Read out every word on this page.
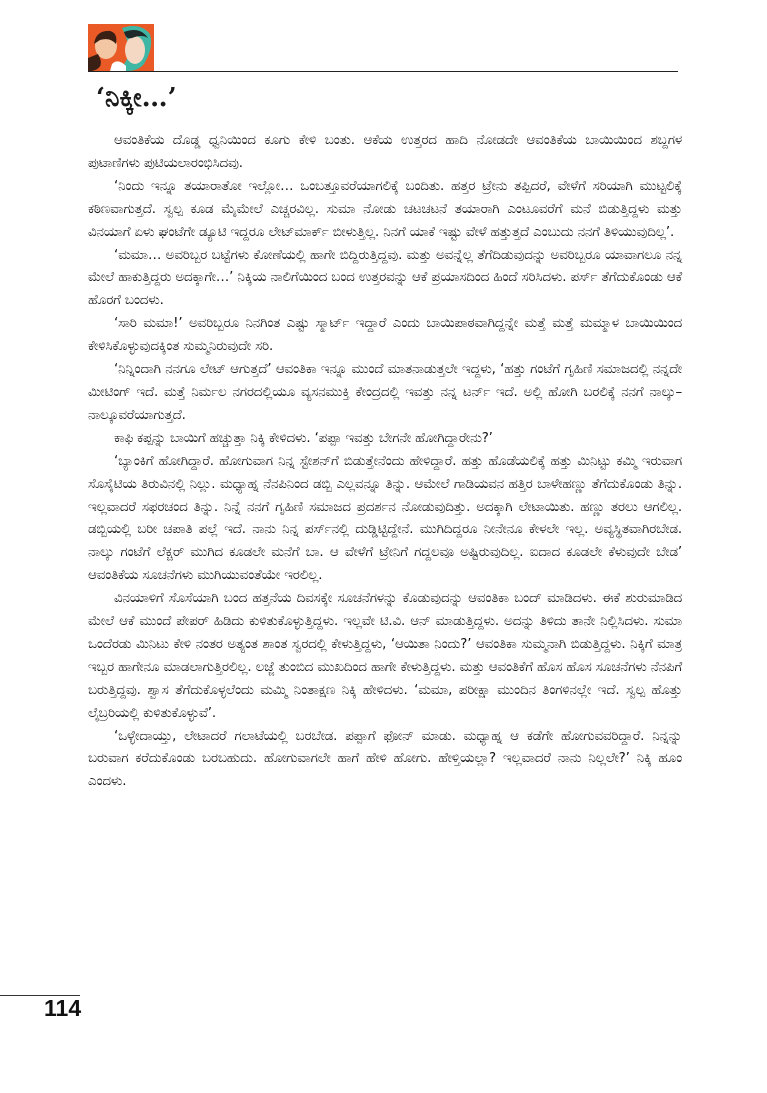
‘ನಿಕ್ಕೀ…’

ಆವಂತಿಕೆಯ ದೊಡ್ಡ ಧ್ವನಿಯಿಂದ ಕೂಗು ಕೇಳಿ ಬಂತು. ಆಕೆಯ ಉತ್ತರದ ಹಾದಿ ನೋಡದೇ ಆವಂತಿಕೆಯ ಬಾಯಿಯಿಂದ ಶಬ್ದಗಳ ಪುಟಾಣಿಗಳು ಪುಟಿಯಲಾರಂಭಿಸಿದವು.

‘ನಿಂದು ಇನ್ನೂ ತಯಾರಾತೋ ಇಲ್ಲೋ… ಒಂಬತ್ತೂವರೆಯಾಗಲಿಕ್ಕೆ ಬಂದಿತು. ಹತ್ತರ ಟ್ರೇನು ತಪ್ಪಿದರೆ, ವೇಳೆಗೆ ಸರಿಯಾಗಿ ಮುಟ್ಟಲಿಕ್ಕೆ ಕಠಿಣವಾಗುತ್ತದೆ. ಸ್ವಲ್ಪ ಕೂಡ ಮೈಮೇಲೆ ಎಚ್ಚರವಿಲ್ಲ. ಸುಮಾ ನೋಡು ಚಟಚಟನೆ ತಯಾರಾಗಿ ಎಂಟೂವರೆಗೆ ಮನೆ ಬಿಡುತ್ತಿದ್ದಳು ಮತ್ತು ವಿನಯಾಗೆ ಏಳು ಘಂಟೆಗೇ ಡ್ಯೂಟಿ ಇದ್ದರೂ ಲೇಟ್‌ಮಾರ್ಕ್ ಬೀಳುತ್ತಿಲ್ಲ. ನಿನಗೆ ಯಾಕೆ ಇಷ್ಟು ವೇಳೆ ಹತ್ತುತ್ತದೆ ಎಂಬುದು ನನಗೆ ತಿಳಿಯುವುದಿಲ್ಲ’.

‘ಮಮಾ… ಅವರಿಬ್ಬರ ಬಟ್ಟೆಗಳು ಕೋಣೆಯಲ್ಲಿ ಹಾಗೇ ಬಿದ್ದಿರುತ್ತಿದ್ದವು. ಮತ್ತು ಅವನ್ನೆಲ್ಲ ತೆಗೆದಿಡುವುದನ್ನು ಅವರಿಬ್ಬರೂ ಯಾವಾಗಲೂ ನನ್ನ ಮೇಲೆ ಹಾಕುತ್ತಿದ್ದರು ಅದಕ್ಕಾಗೇ…’ ನಿಕ್ಕಿಯ ನಾಲಿಗೆಯಿಂದ ಬಂದ ಉತ್ತರವನ್ನು ಆಕೆ ಪ್ರಯಾಸದಿಂದ ಹಿಂದೆ ಸರಿಸಿದಳು. ಪರ್ಸ್ ತೆಗೆದುಕೊಂಡು ಆಕೆ ಹೊರಗೆ ಬಂದಳು.

‘ಸಾರಿ ಮಮಾ!’ ಅವರಿಬ್ಬರೂ ನಿನಗಿಂತ ಎಷ್ಟು ಸ್ಮಾರ್ಟ್ ಇದ್ದಾರೆ ಎಂದು ಬಾಯಿಪಾಠವಾಗಿದ್ದನ್ನೇ ಮತ್ತೆ ಮತ್ತೆ ಮಮ್ಮಾಳ ಬಾಯಿಯಿಂದ ಕೇಳಿಸಿಕೊಳ್ಳುವುದಕ್ಕಿಂತ ಸುಮ್ಮನಿರುವುದೇ ಸರಿ.

‘ನಿನ್ನಿಂದಾಗಿ ನನಗೂ ಲೇಟ್ ಆಗುತ್ತದೆ’ ಆವಂತಿಕಾ ಇನ್ನೂ ಮುಂದೆ ಮಾತನಾಡುತ್ತಲೇ ಇದ್ದಳು, ‘ಹತ್ತು ಗಂಟೆಗೆ ಗೃಹಿಣಿ ಸಮಾಜದಲ್ಲಿ ನನ್ನದೇ ಮೀಟಿಂಗ್ ಇದೆ. ಮತ್ತೆ ನಿರ್ಮಲ ನಗರದಲ್ಲಿಯೂ ವ್ಯಸನಮುಕ್ತಿ ಕೇಂದ್ರದಲ್ಲಿ ಇವತ್ತು ನನ್ನ ಟರ್ನ್ ಇದೆ. ಅಲ್ಲಿ ಹೋಗಿ ಬರಲಿಕ್ಕೆ ನನಗೆ ನಾಲ್ಕು–ನಾಲ್ಕೂವರೆಯಾಗುತ್ತದೆ.

ಕಾಫಿ ಕಪ್ಪನ್ನು ಬಾಯಿಗೆ ಹಚ್ಚುತ್ತಾ ನಿಕ್ಕಿ ಕೇಳಿದಳು. ‘ಪಪ್ಪಾ ಇವತ್ತು ಬೇಗನೇ ಹೋಗಿದ್ದಾರೇನು?’

‘ಬ್ಯಾಂಕಿಗೆ ಹೋಗಿದ್ದಾರೆ. ಹೋಗುವಾಗ ನಿನ್ನ ಸ್ಟೇಶನ್‌ಗೆ ಬಿಡುತ್ತೇನೆಂದು ಹೇಳಿದ್ದಾರೆ. ಹತ್ತು ಹೊಡೆಯಲಿಕ್ಕೆ ಹತ್ತು ಮಿನಿಟ್ಟು ಕಮ್ಮಿ ಇರುವಾಗ ಸೊಸೈಟಿಯ ತಿರುವಿನಲ್ಲಿ ನಿಲ್ಲು. ಮಧ್ಯಾಹ್ನ ನೆನಪಿನಿಂದ ಡಬ್ಬಿ ಎಲ್ಲವನ್ನೂ ತಿನ್ನು. ಆಮೇಲೆ ಗಾಡಿಯವನ ಹತ್ತಿರ ಬಾಳೇಹಣ್ಣು ತೆಗೆದುಕೊಂಡು ತಿನ್ನು. ಇಲ್ಲವಾದರೆ ಸಫರಚಂದ ತಿನ್ನು. ನಿನ್ನೆ ನನಗೆ ಗೃಹಿಣಿ ಸಮಾಜದ ಪ್ರದರ್ಶನ ನೋಡುವುದಿತ್ತು. ಅದಕ್ಕಾಗಿ ಲೇಟಾಯಿತು. ಹಣ್ಣು ತರಲು ಆಗಲಿಲ್ಲ. ಡಬ್ಬಿಯಲ್ಲಿ ಬರೀ ಚಪಾತಿ ಪಲ್ಲೆ ಇದೆ. ನಾನು ನಿನ್ನ ಪರ್ಸ್‌ನಲ್ಲಿ ದುಡ್ಡಿಟ್ಟಿದ್ದೇನೆ. ಮುಗಿದಿದ್ದರೂ ನೀನೇನೂ ಕೇಳಲೇ ಇಲ್ಲ. ಅವ್ಯಸ್ಥಿತವಾಗಿರಬೇಡ. ನಾಲ್ಕು ಗಂಟೆಗೆ ಲೆಕ್ಚರ್ ಮುಗಿದ ಕೂಡಲೇ ಮನೆಗೆ ಬಾ. ಆ ವೇಳೆಗೆ ಟ್ರೇನಿಗೆ ಗದ್ದಲವೂ ಅಷ್ಟಿರುವುದಿಲ್ಲ. ಐದಾದ ಕೂಡಲೇ ಕೆಳುವುದೇ ಬೇಡ’ ಆವಂತಿಕೆಯ ಸೂಚನೆಗಳು ಮುಗಿಯುವಂತೆಯೇ ಇರಲಿಲ್ಲ.

ವಿನಯಾಳಿಗೆ ಸೊಸೆಯಾಗಿ ಬಂದ ಹತ್ತನೆಯ ದಿವಸಕ್ಕೇ ಸೂಚನೆಗಳನ್ನು ಕೊಡುವುದನ್ನು ಆವಂತಿಕಾ ಬಂದ್ ಮಾಡಿದಳು. ಈಕೆ ಶುರುಮಾಡಿದ ಮೇಲೆ ಆಕೆ ಮುಂದೆ ಪೇಪರ್ ಹಿಡಿದು ಕುಳಿತುಕೊಳ್ಳುತ್ತಿದ್ದಳು. ಇಲ್ಲವೇ ಟಿ.ವಿ. ಆನ್ ಮಾಡುತ್ತಿದ್ದಳು. ಅದನ್ನು ತಿಳಿದು ತಾನೇ ನಿಲ್ಲಿಸಿದಳು. ಸುಮಾ ಒಂದೆರಡು ಮಿನಿಟು ಕೇಳಿ ನಂತರ ಅತ್ಯಂತ ಶಾಂತ ಸ್ವರದಲ್ಲಿ ಕೇಳುತ್ತಿದ್ದಳು, ‘ಆಯಿತಾ ನಿಂದು?’ ಆವಂತಿಕಾ ಸುಮ್ಮನಾಗಿ ಬಿಡುತ್ತಿದ್ದಳು. ನಿಕ್ಕಿಗೆ ಮಾತ್ರ ಇಬ್ಬರ ಹಾಗೇನೂ ಮಾಡಲಾಗುತ್ತಿರಲಿಲ್ಲ. ಲಜ್ಜೆ ತುಂಬಿದ ಮುಖದಿಂದ ಹಾಗೇ ಕೇಳುತ್ತಿದ್ದಳು. ಮತ್ತು ಆವಂತಿಕೆಗೆ ಹೊಸ ಹೊಸ ಸೂಚನೆಗಳು ನೆನಪಿಗೆ ಬರುತ್ತಿದ್ದವು. ಶ್ವಾಸ ತೆಗೆದುಕೊಳ್ಳಲೆಂದು ಮಮ್ಮಿ ನಿಂತಾಕ್ಷಣ ನಿಕ್ಕಿ ಹೇಳಿದಳು. ‘ಮಮಾ, ಪರೀಕ್ಷಾ ಮುಂದಿನ ತಿಂಗಳಿನಲ್ಲೇ ಇದೆ. ಸ್ವಲ್ಪ ಹೊತ್ತು ಲೈಬ್ರರಿಯಲ್ಲಿ ಕುಳಿತುಕೊಳ್ಳುವೆ’.

‘ಒಳ್ಳೇದಾಯ್ತು, ಲೇಟಾದರೆ ಗಲಾಟೆಯಲ್ಲಿ ಬರಬೇಡ. ಪಪ್ಪಾಗೆ ಫೋನ್ ಮಾಡು. ಮಧ್ಯಾಹ್ನ ಆ ಕಡೆಗೇ ಹೋಗುವವರಿದ್ದಾರೆ. ನಿನ್ನನ್ನು ಬರುವಾಗ ಕರೆದುಕೊಂಡು ಬರಬಹುದು. ಹೋಗುವಾಗಲೇ ಹಾಗೆ ಹೇಳಿ ಹೋಗು. ಹೇಳ್ತಿಯಲ್ಲಾ? ಇಲ್ಲವಾದರೆ ನಾನು ನಿಲ್ಲಲೇ?’ ನಿಕ್ಕಿ ಹೂಂ ಎಂದಳು.

114
